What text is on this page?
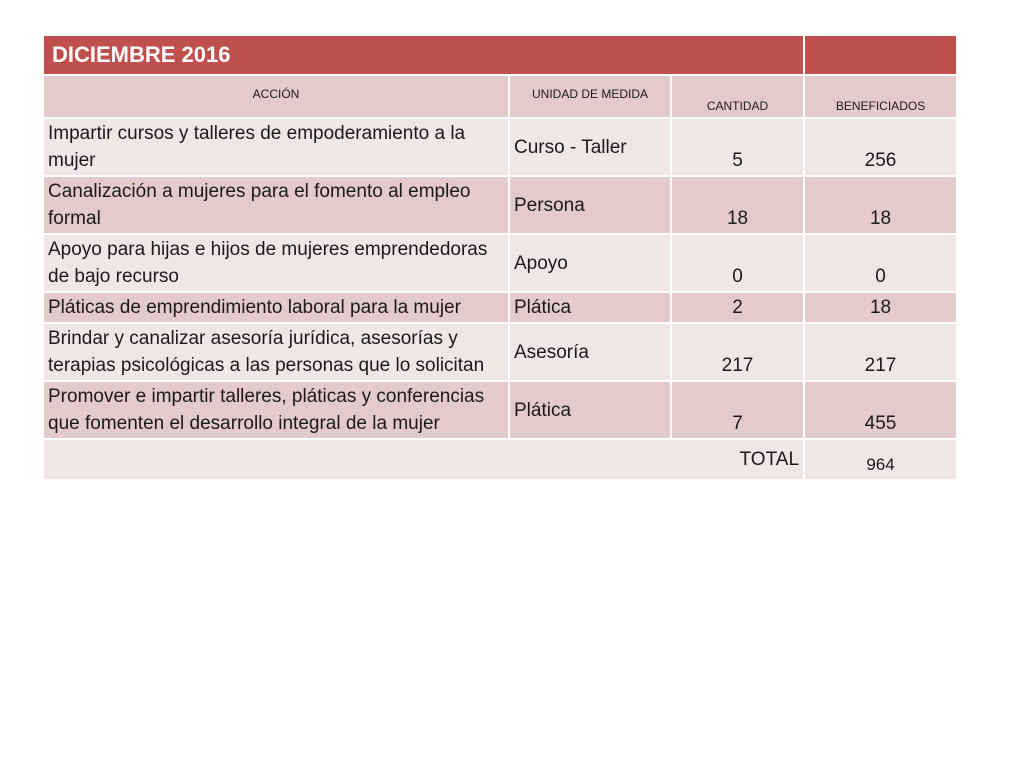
DICIEMBRE 2016			
ACCIÓN	UNIDAD DE MEDIDA	CANTIDAD	BENEFICIADOS
Impartir cursos y talleres de empoderamiento a la mujer	Curso - Taller	5	256
Canalización a mujeres para el fomento al empleo formal	Persona	18	18
Apoyo para hijas e hijos de mujeres emprendedoras de bajo recurso	Apoyo	0	0
Pláticas de emprendimiento laboral para la mujer	Plática	2	18
Brindar y canalizar asesoría jurídica, asesorías y terapias psicológicas a las personas que lo solicitan	Asesoría	217	217
Promover e impartir talleres, pláticas y conferencias que fomenten el desarrollo integral de la mujer	Plática	7	455
TOTAL			964
